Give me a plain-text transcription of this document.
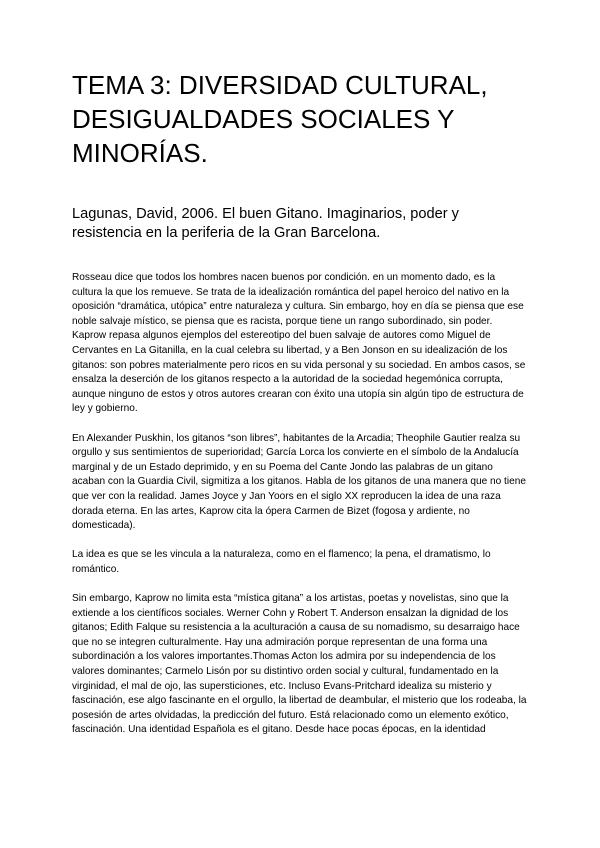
TEMA 3: DIVERSIDAD CULTURAL, DESIGUALDADES SOCIALES Y MINORÍAS.
Lagunas, David, 2006. El buen Gitano. Imaginarios, poder y resistencia en la periferia de la Gran Barcelona.

Rosseau dice que todos los hombres nacen buenos por condición. en un momento dado, es la cultura la que los remueve. Se trata de la idealización romántica del papel heroico del nativo en la oposición “dramática, utópica” entre naturaleza y cultura. Sin embargo, hoy en día se piensa que ese noble salvaje místico, se piensa que es racista, porque tiene un rango subordinado, sin poder. Kaprow repasa algunos ejemplos del estereotipo del buen salvaje de autores como Miguel de Cervantes en La Gitanilla, en la cual celebra su libertad, y a Ben Jonson en su idealización de los gitanos: son pobres materialmente pero ricos en su vida personal y su sociedad. En ambos casos, se ensalza la deserción de los gitanos respecto a la autoridad de la sociedad hegemónica corrupta, aunque ninguno de estos y otros autores crearan con éxito una utopía sin algún tipo de estructura de ley y gobierno.

En Alexander Puskhin, los gitanos “son libres”, habitantes de la Arcadia; Theophile Gautier realza su orgullo y sus sentimientos de superioridad; García Lorca los convierte en el símbolo de la Andalucía marginal y de un Estado deprimido, y en su Poema del Cante Jondo las palabras de un gitano acaban con la Guardia Civil, sigmitiza a los gitanos. Habla de los gitanos de una manera que no tiene que ver con la realidad. James Joyce y Jan Yoors en el siglo XX reproducen la idea de una raza dorada eterna. En las artes, Kaprow cita la ópera Carmen de Bizet (fogosa y ardiente, no domesticada).

La idea es que se les vincula a la naturaleza, como en el flamenco; la pena, el dramatismo, lo romántico.

Sin embargo, Kaprow no limita esta “mística gitana” a los artistas, poetas y novelistas, sino que la extiende a los científicos sociales. Werner Cohn y Robert T. Anderson ensalzan la dignidad de los gitanos; Edith Falque su resistencia a la aculturación a causa de su nomadismo, su desarraigo hace que no se integren culturalmente. Hay una admiración porque representan de una forma una subordinación a los valores importantes.Thomas Acton los admira por su independencia de los valores dominantes; Carmelo Lisón por su distintivo orden social y cultural, fundamentado en la virginidad, el mal de ojo, las supersticiones, etc. Incluso Evans-Pritchard idealiza su misterio y fascinación, ese algo fascinante en el orgullo, la libertad de deambular, el misterio que los rodeaba, la posesión de artes olvidadas, la predicción del futuro. Está relacionado como un elemento exótico, fascinación. Una identidad Española es el gitano. Desde hace pocas épocas, en la identidad
